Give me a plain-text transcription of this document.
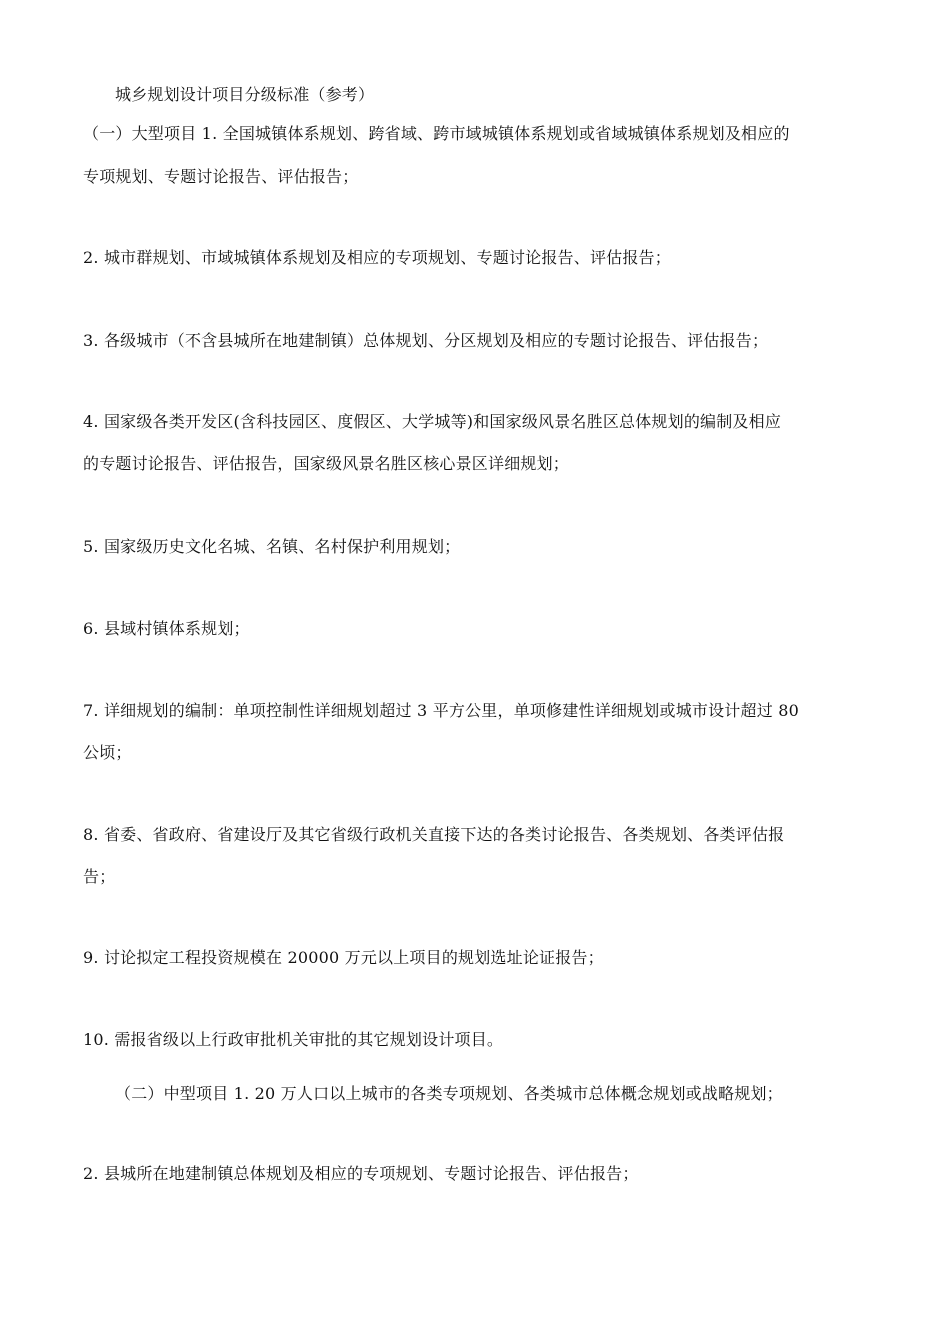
城乡规划设计项目分级标准（参考）
（一）大型项目 1. 全国城镇体系规划、跨省域、跨市域城镇体系规划或省域城镇体系规划及相应的
专项规划、专题讨论报告、评估报告；
2. 城市群规划、市域城镇体系规划及相应的专项规划、专题讨论报告、评估报告；
3. 各级城市（不含县城所在地建制镇）总体规划、分区规划及相应的专题讨论报告、评估报告；
4. 国家级各类开发区(含科技园区、度假区、大学城等)和国家级风景名胜区总体规划的编制及相应
的专题讨论报告、评估报告，国家级风景名胜区核心景区详细规划；
5. 国家级历史文化名城、名镇、名村保护利用规划；
6. 县域村镇体系规划；
7. 详细规划的编制：单项控制性详细规划超过 3 平方公里，单项修建性详细规划或城市设计超过 80
公顷；
8. 省委、省政府、省建设厅及其它省级行政机关直接下达的各类讨论报告、各类规划、各类评估报
告；
9. 讨论拟定工程投资规模在 20000 万元以上项目的规划选址论证报告；
10. 需报省级以上行政审批机关审批的其它规划设计项目。
（二）中型项目 1. 20 万人口以上城市的各类专项规划、各类城市总体概念规划或战略规划；
2. 县城所在地建制镇总体规划及相应的专项规划、专题讨论报告、评估报告；
